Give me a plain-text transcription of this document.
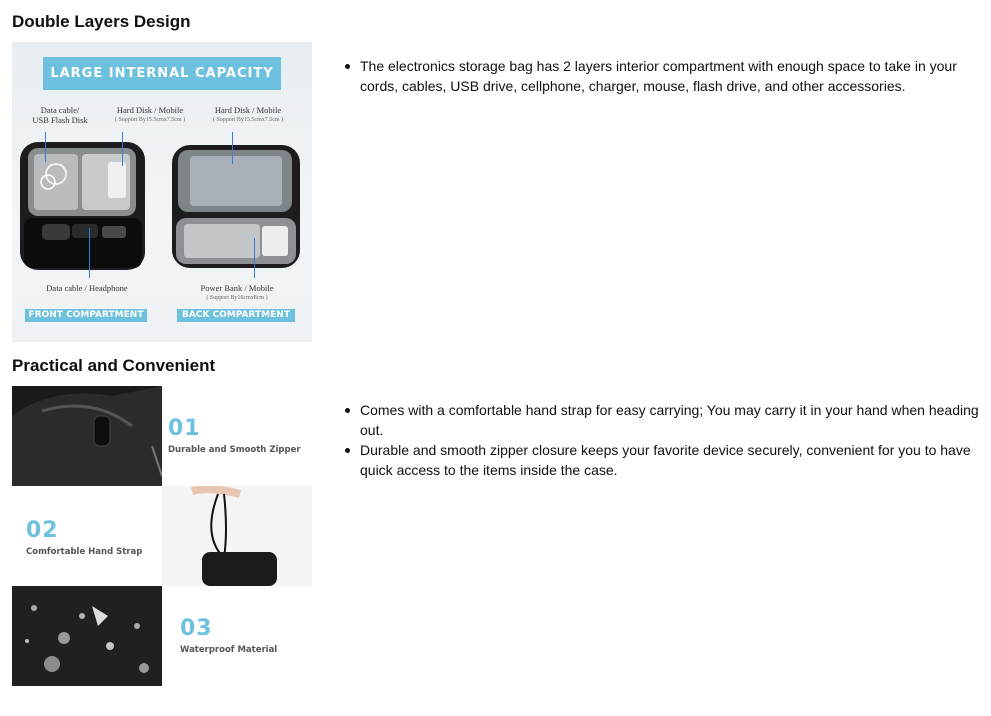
Double Layers Design
LARGE INTERNAL CAPACITY
Data cable/
USB Flash Disk
Hard Disk / Mobile
( Support By15.5cmx7.5cm )
Hard Disk / Mobile
( Support By15.5cmx7.5cm )
Data cable / Headphone	Power Bank / Mobile
( Support By16cmx8cm )
FRONT COMPARTMENT	BACK COMPARTMENT
The electronics storage bag has 2 layers interior compartment with enough space to take in your cords, cables, USB drive, cellphone, charger, mouse, flash drive, and other accessories.
Practical and Convenient
01
Durable and Smooth Zipper
02
Comfortable Hand Strap
03
Waterproof Material
Comes with a comfortable hand strap for easy carrying; You may carry it in your hand when heading out.
Durable and smooth zipper closure keeps your favorite device securely, convenient for you to have quick access to the items inside the case.
